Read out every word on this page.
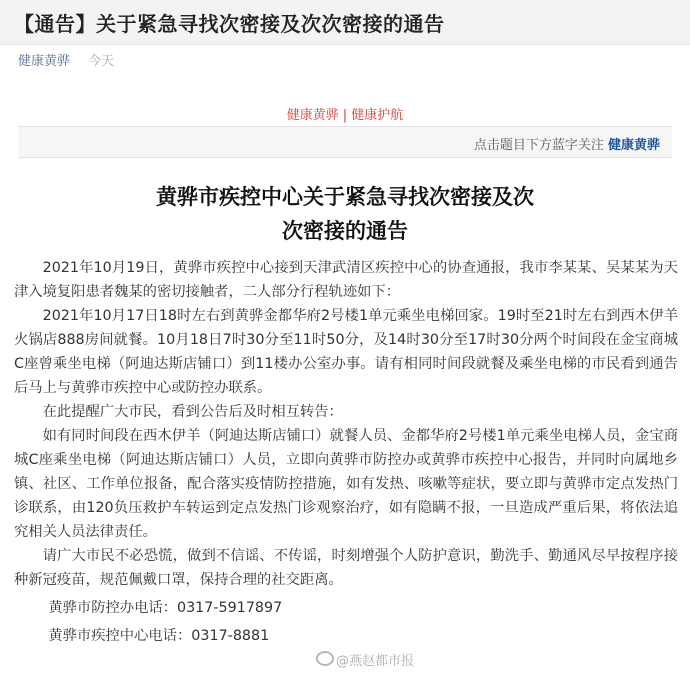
【通告】关于紧急寻找次密接及次次密接的通告
健康黄骅 今天
健康黄骅 | 健康护航
点击题目下方蓝字关注 健康黄骅
黄骅市疾控中心关于紧急寻找次密接及次
次密接的通告

2021年10月19日，黄骅市疾控中心接到天津武清区疾控中心的协查通报，我市李某某、吴某某为天津入境复阳患者魏某的密切接触者，二人部分行程轨迹如下：

2021年10月17日18时左右到黄骅金都华府2号楼1单元乘坐电梯回家。19时至21时左右到西木伊羊火锅店888房间就餐。10月18日7时30分至11时50分，及14时30分至17时30分两个时间段在金宝商城C座曾乘坐电梯（阿迪达斯店铺口）到11楼办公室办事。请有相同时间段就餐及乘坐电梯的市民看到通告后马上与黄骅市疾控中心或防控办联系。

在此提醒广大市民，看到公告后及时相互转告：

如有同时间段在西木伊羊（阿迪达斯店铺口）就餐人员、金都华府2号楼1单元乘坐电梯人员，金宝商城C座乘坐电梯（阿迪达斯店铺口）人员，立即向黄骅市防控办或黄骅市疾控中心报告，并同时向属地乡镇、社区、工作单位报备，配合落实疫情防控措施，如有发热、咳嗽等症状，要立即与黄骅市定点发热门诊联系，由120负压救护车转运到定点发热门诊观察治疗，如有隐瞒不报，一旦造成严重后果，将依法追究相关人员法律责任。

请广大市民不必恐慌，做到不信谣、不传谣，时刻增强个人防护意识，勤洗手、勤通风尽早按程序接种新冠疫苗，规范佩戴口罩，保持合理的社交距离。

黄骅市防控办电话：0317-5917897

黄骅市疾控中心电话：0317-8881

@燕赵都市报
